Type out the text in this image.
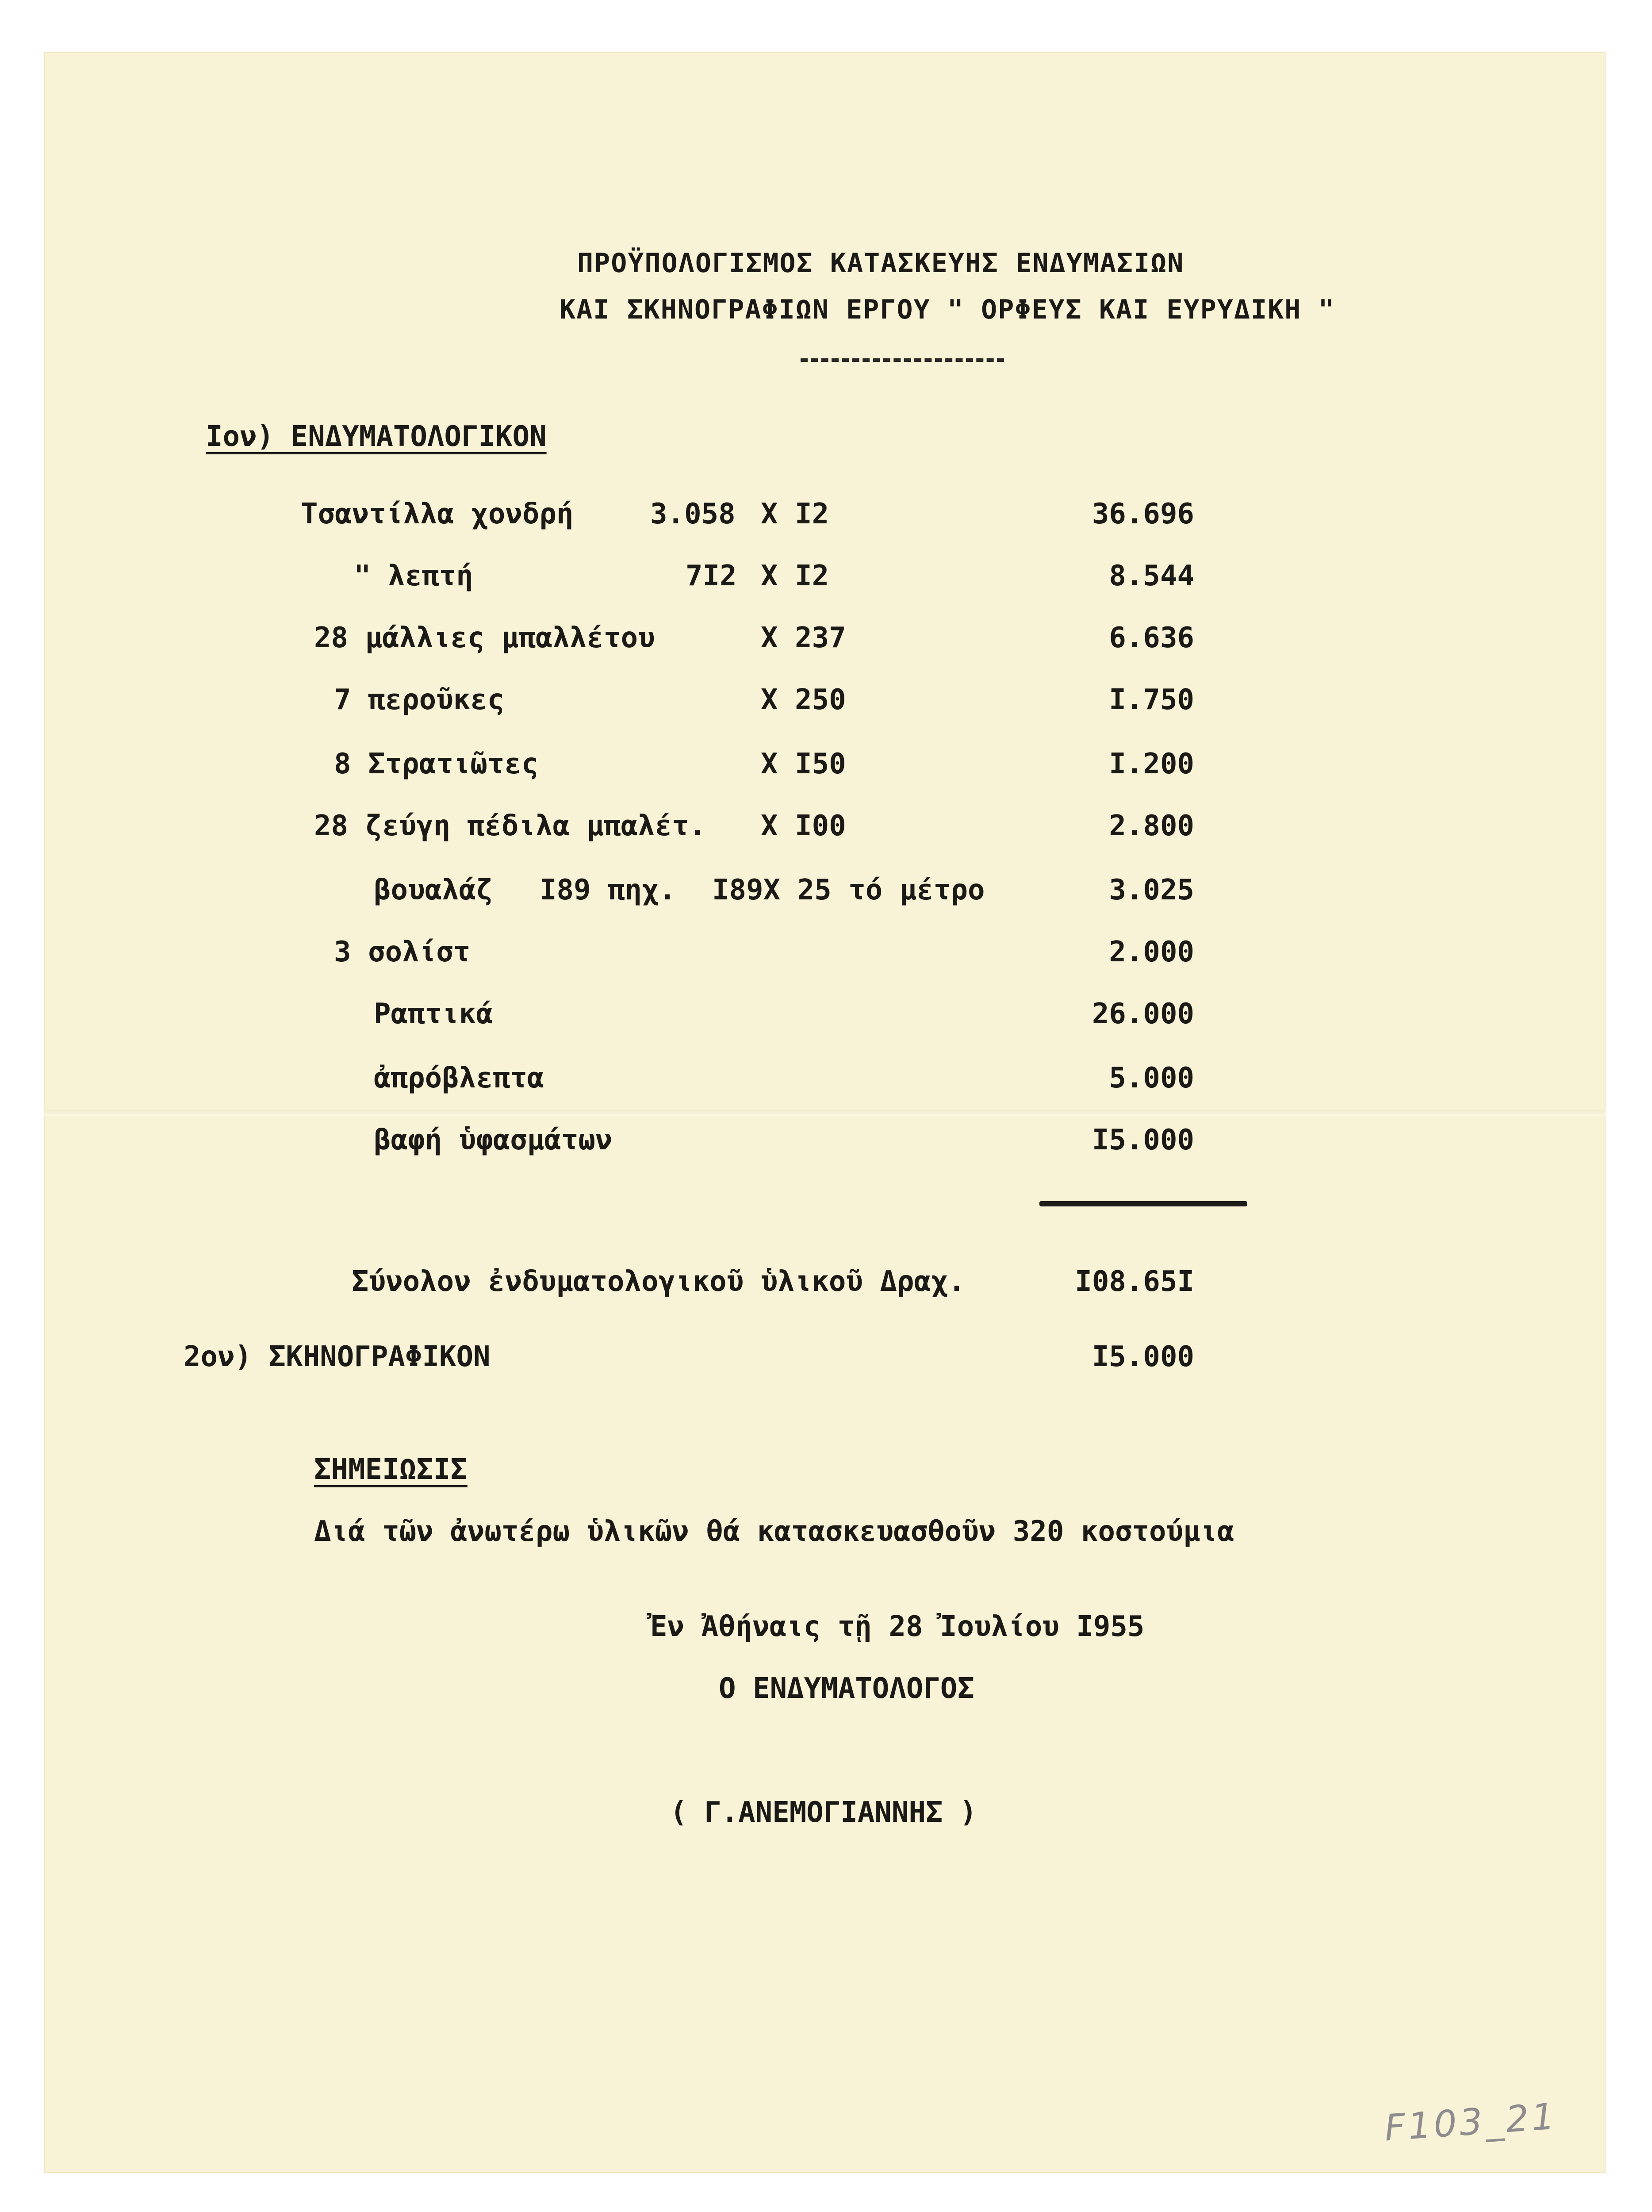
ΠΡΟΫΠΟΛΟΓΙΣΜΟΣ ΚΑΤΑΣΚΕΥΗΣ ΕΝΔΥΜΑΣΙΩΝ
ΚΑΙ ΣΚΗΝΟΓΡΑΦΙΩΝ ΕΡΓΟΥ " ΟΡΦΕΥΣ ΚΑΙ ΕΥΡΥΔΙΚΗ "
Ιον) ΕΝΔΥΜΑΤΟΛΟΓΙΚΟΝ
Τσαντίλλα χονδρή	3.058 Χ Ι2	36.696
" λεπτή	7Ι2 Χ Ι2	8.544
28 μάλλιες μπαλλέτου	Χ 237	6.636
7 περοῦκες	Χ 250	Ι.750
8 Στρατιῶτες	Χ Ι50	Ι.200
28 ζεύγη πέδιλα μπαλέτ. Χ Ι00	2.800
βουαλάζ Ι89 πηχ. Ι89Χ 25 τό μέτρο	3.025
3 σολίστ	2.000
Ραπτικά	26.000
ἀπρόβλεπτα	5.000
βαφή ὑφασμάτων	Ι5.000
Σύνολον ἐνδυματολογικοῦ ὑλικοῦ Δραχ.	Ι08.65Ι
2ον) ΣΚΗΝΟΓΡΑΦΙΚΟΝ	Ι5.000
ΣΗΜΕΙΩΣΙΣ
Διά τῶν ἀνωτέρω ὑλικῶν θά κατασκευασθοῦν 320 κοστούμια
Ἐν Ἀθήναις τῇ 28 Ἰουλίου Ι955
Ο ΕΝΔΥΜΑΤΟΛΟΓΟΣ
( Γ.ΑΝΕΜΟΓΙΑΝΝΗΣ )
F103_21
